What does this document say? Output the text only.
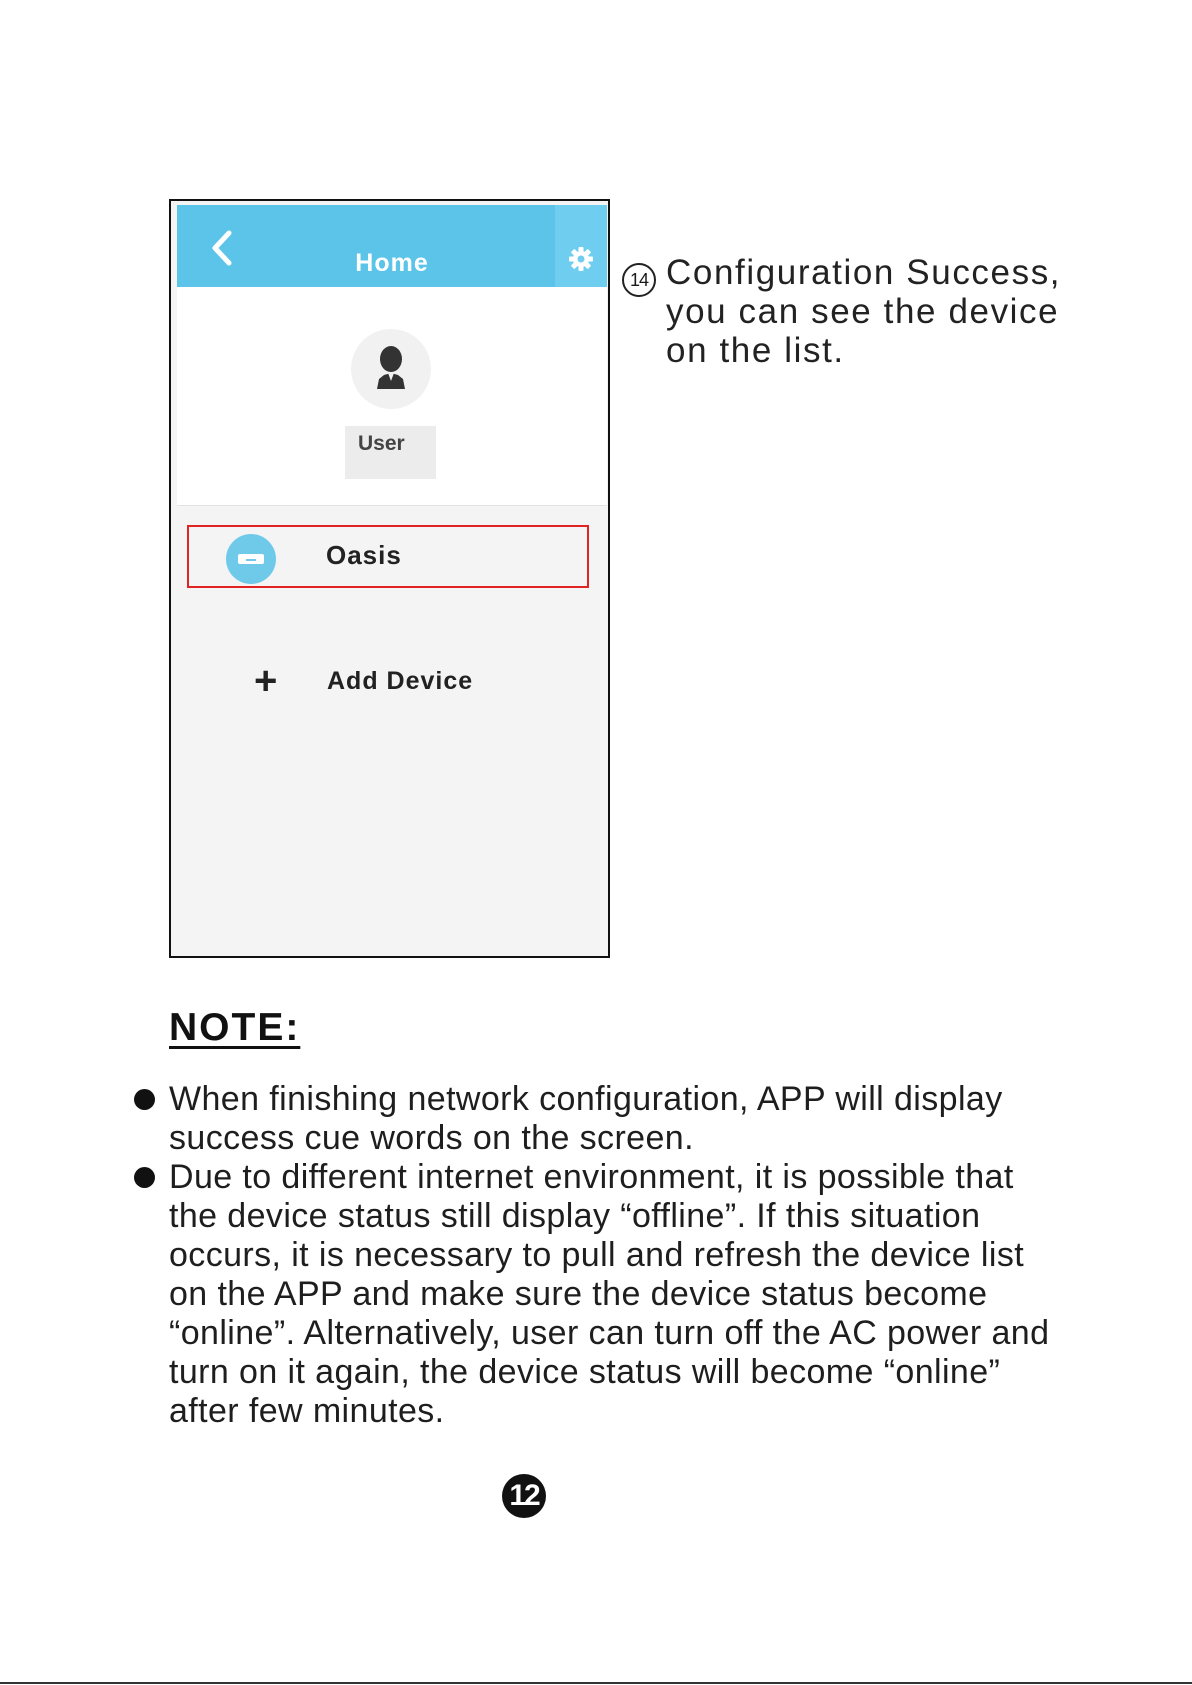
Home
User
Oasis
+ Add Device
14 Configuration Success, you can see the device on the list.
NOTE:
When finishing network configuration, APP will display success cue words on the screen.
Due to different internet environment, it is possible that the device status still display “offline”. If this situation occurs, it is necessary to pull and refresh the device list on the APP and make sure the device status become “online”. Alternatively, user can turn off the AC power and turn on it again, the device status will become “online” after few minutes.
12
